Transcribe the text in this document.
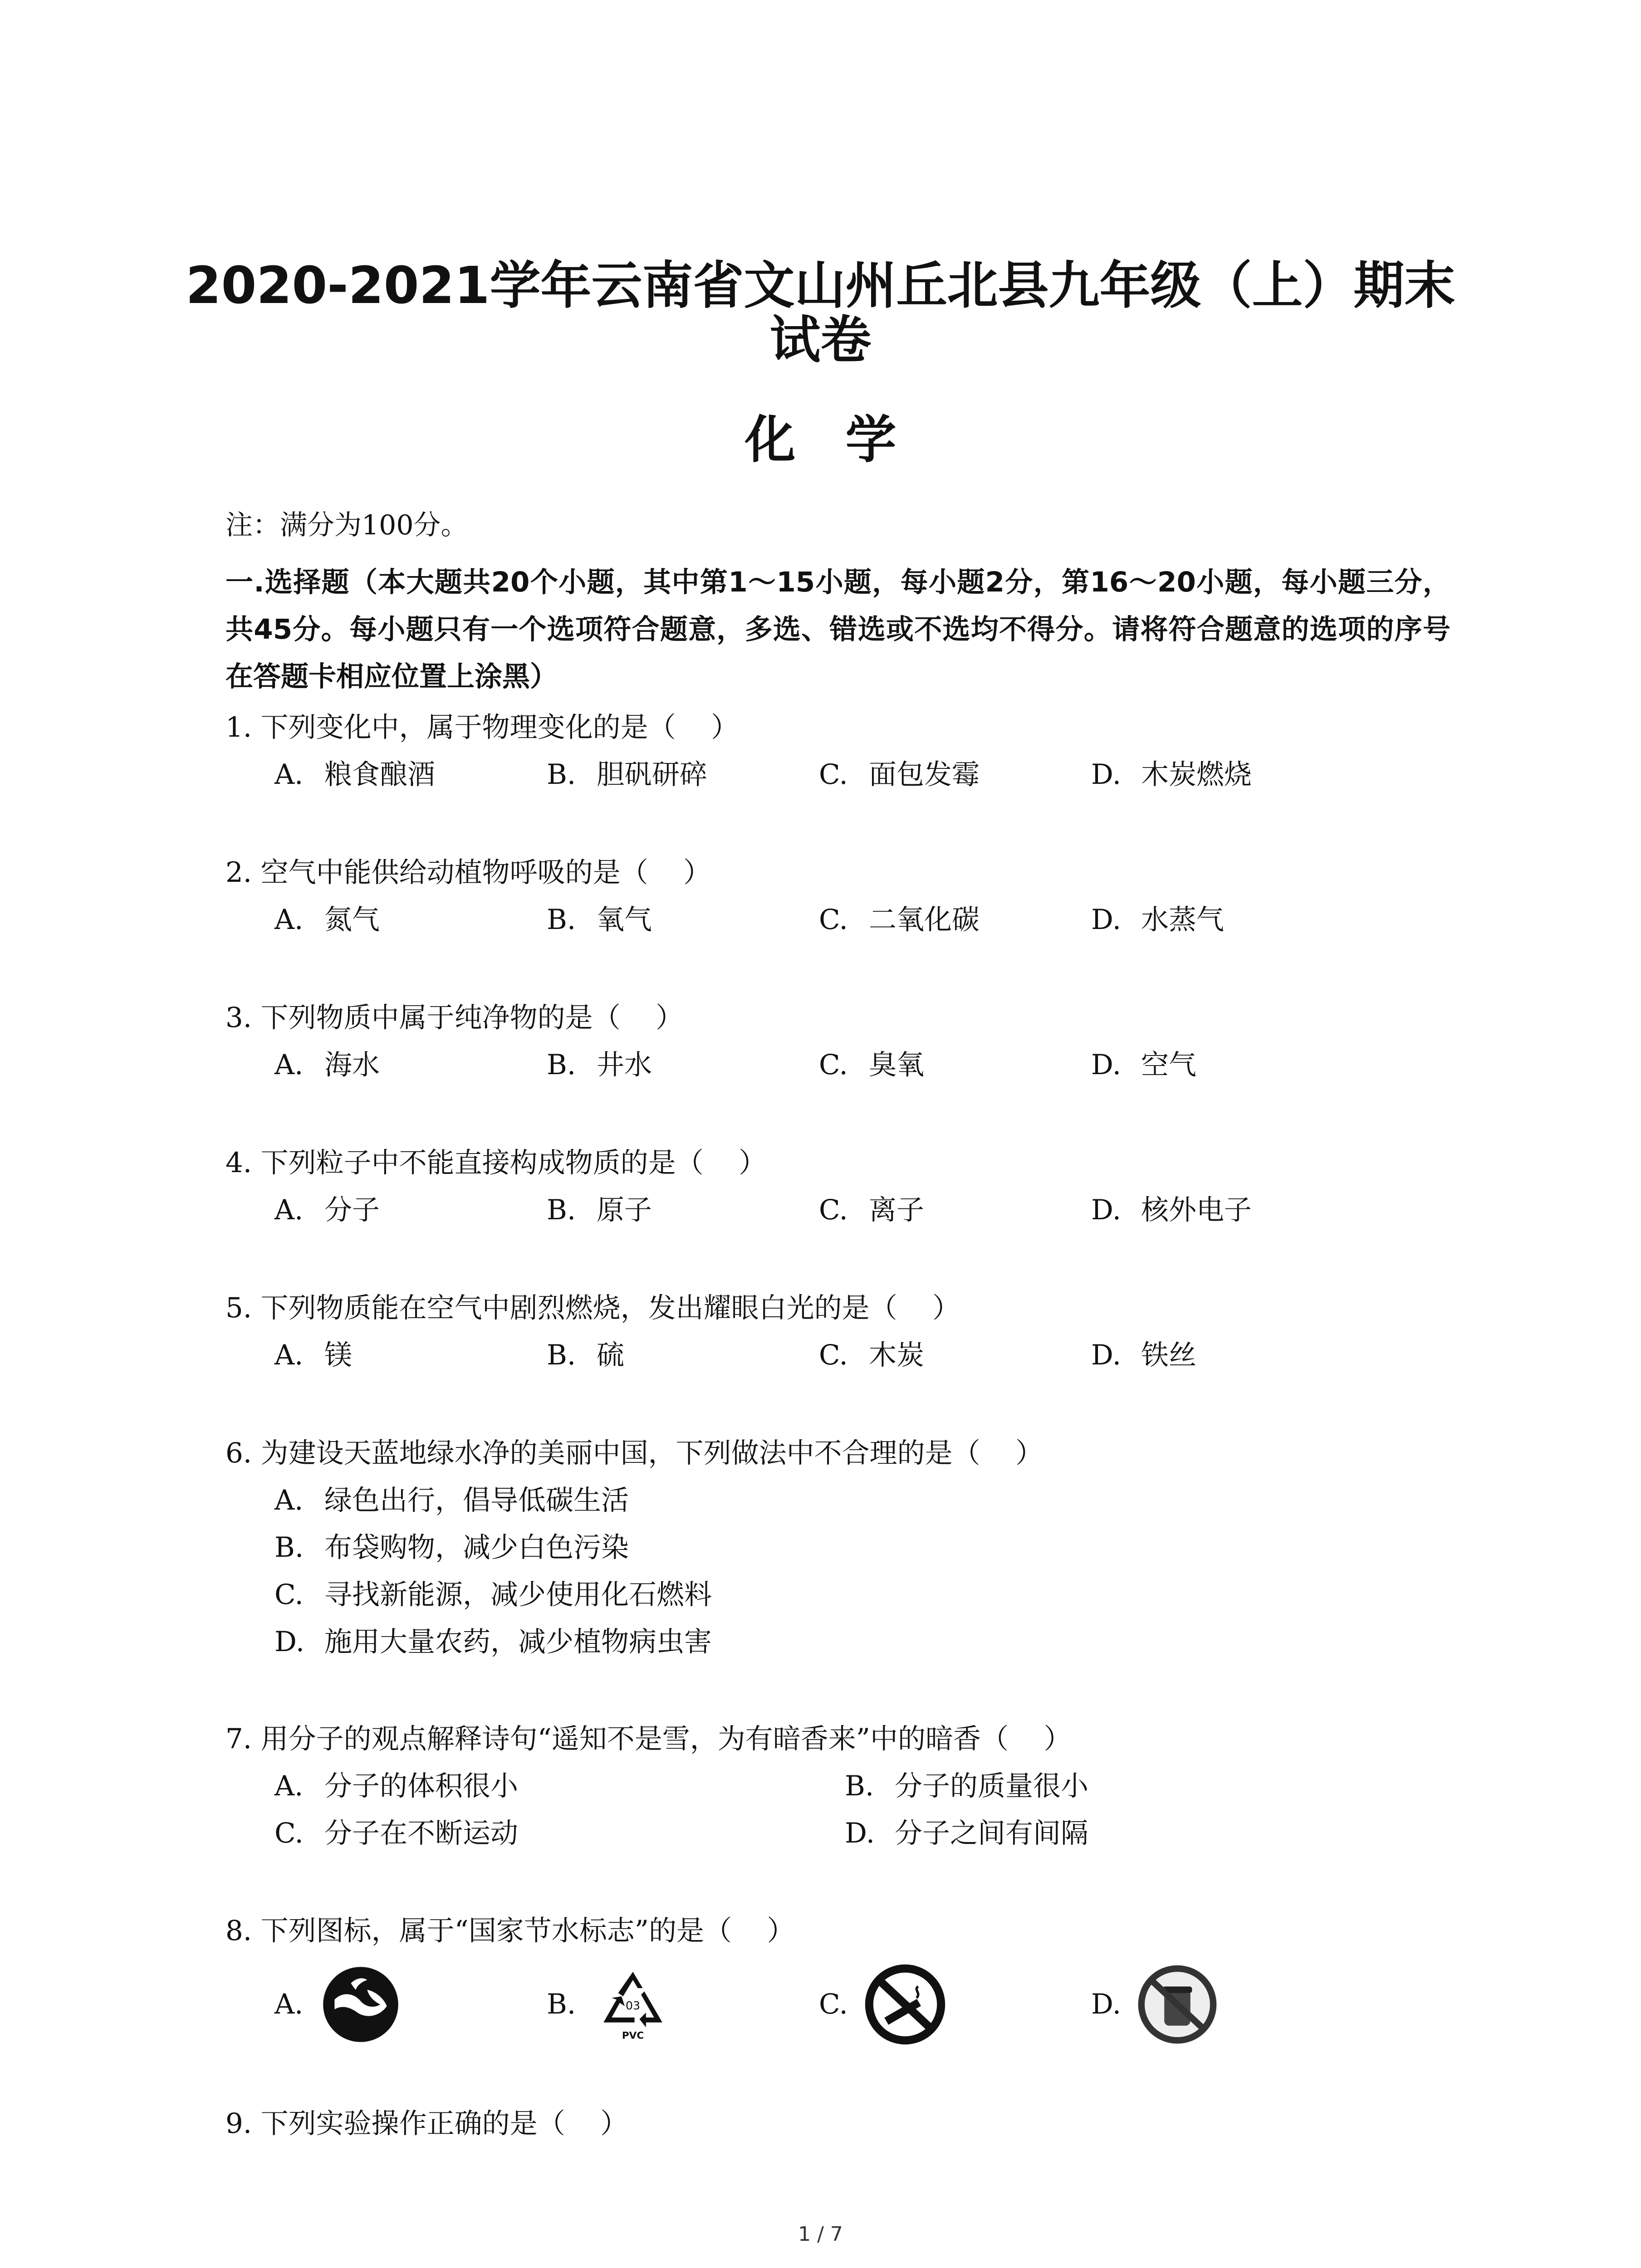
2020-2021学年云南省文山州丘北县九年级（上）期末
试卷
化学
注：满分为100分。
一.选择题（本大题共20个小题，其中第1～15小题，每小题2分，第16～20小题，每小题三分，共45分。每小题只有一个选项符合题意，多选、错选或不选均不得分。请将符合题意的选项的序号在答题卡相应位置上涂黑）
1. 下列变化中，属于物理变化的是（    ）
A. 粮食酿酒	B. 胆矾研碎	C. 面包发霉	D. 木炭燃烧
2. 空气中能供给动植物呼吸的是（    ）
A. 氮气	B. 氧气	C. 二氧化碳	D. 水蒸气
3. 下列物质中属于纯净物的是（    ）
A. 海水	B. 井水	C. 臭氧	D. 空气
4. 下列粒子中不能直接构成物质的是（    ）
A. 分子	B. 原子	C. 离子	D. 核外电子
5. 下列物质能在空气中剧烈燃烧，发出耀眼白光的是（    ）
A. 镁	B. 硫	C. 木炭	D. 铁丝
6. 为建设天蓝地绿水净的美丽中国，下列做法中不合理的是（    ）
A. 绿色出行，倡导低碳生活
B. 布袋购物，减少白色污染
C. 寻找新能源，减少使用化石燃料
D. 施用大量农药，减少植物病虫害
7. 用分子的观点解释诗句“遥知不是雪，为有暗香来”中的暗香（    ）
A. 分子的体积很小	B. 分子的质量很小
C. 分子在不断运动	D. 分子之间有间隔
8. 下列图标，属于“国家节水标志”的是（    ）
A.	B.	03
PVC
C.	D.
9. 下列实验操作正确的是（    ）
1 / 7
